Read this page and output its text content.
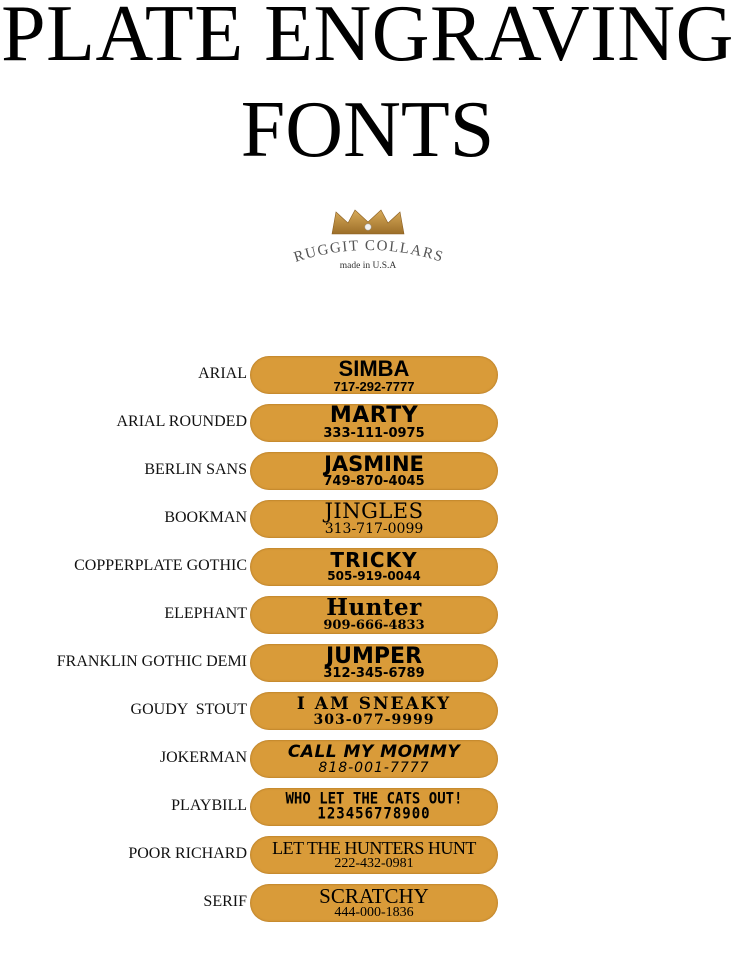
PLATE ENGRAVING
FONTS
RUGGIT COLLARS
made in U.S.A
ARIAL	SIMBA
717-292-7777
ARIAL ROUNDED	MARTY
333-111-0975
BERLIN SANS	JASMINE
749-870-4045
BOOKMAN	JINGLES
313-717-0099
COPPERPLATE GOTHIC	TRICKY
505-919-0044
ELEPHANT	Hunter
909-666-4833
FRANKLIN GOTHIC DEMI	JUMPER
312-345-6789
GOUDY  STOUT	I AM SNEAKY
303-077-9999
JOKERMAN	CALL MY MOMMY
818-001-7777
PLAYBILL	WHO LET THE CATS OUT!
123456778900
POOR RICHARD	LET THE HUNTERS HUNT
222-432-0981
SERIF	SCRATCHY
444-000-1836
